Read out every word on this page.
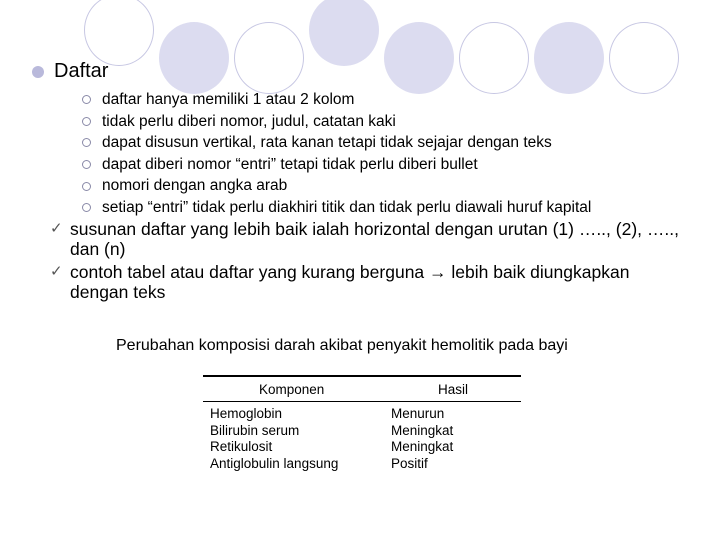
Daftar
daftar hanya memiliki 1 atau 2 kolom
tidak perlu diberi nomor, judul, catatan kaki
dapat disusun vertikal, rata kanan tetapi tidak sejajar dengan teks
dapat diberi nomor “entri” tetapi tidak perlu diberi bullet
nomori dengan angka arab
setiap “entri” tidak perlu diakhiri titik dan tidak perlu diawali huruf kapital
✓ susunan daftar yang lebih baik ialah horizontal dengan urutan (1) ….., (2), ….., dan (n)
✓ contoh tabel atau daftar yang kurang berguna → lebih baik diungkapkan dengan teks
Perubahan komposisi darah akibat penyakit hemolitik pada bayi
Komponen	Hasil
Hemoglobin
Bilirubin serum
Retikulosit
Antiglobulin langsung
Menurun
Meningkat
Meningkat
Positif
